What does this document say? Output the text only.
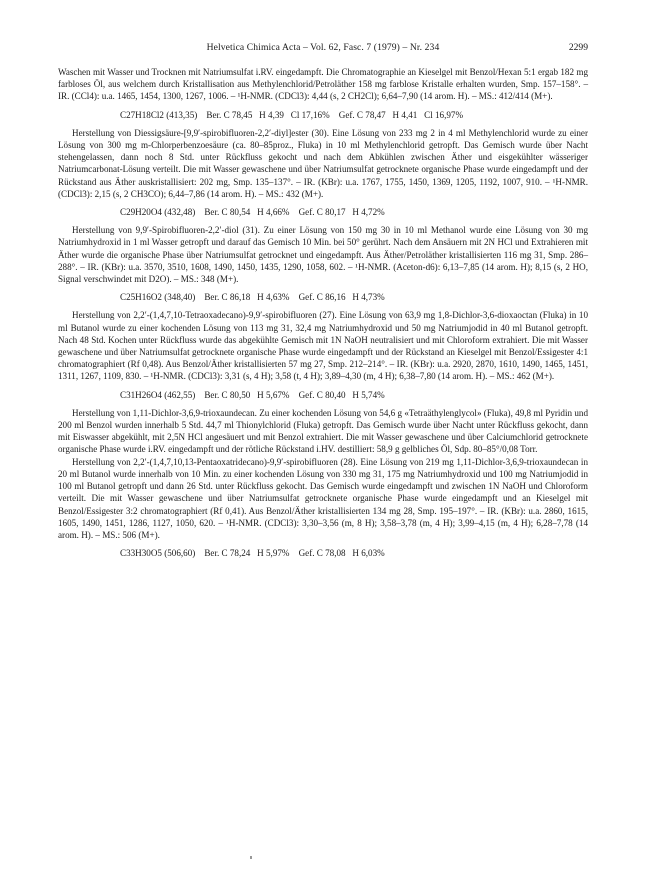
Helvetica Chimica Acta – Vol. 62, Fasc. 7 (1979) – Nr. 234	2299

Waschen mit Wasser und Trocknen mit Natriumsulfat i.RV. eingedampft. Die Chromatographie an Kieselgel mit Benzol/Hexan 5:1 ergab 182 mg farbloses Öl, aus welchem durch Kristallisation aus Methylenchlorid/Petroläther 158 mg farblose Kristalle erhalten wurden, Smp. 157–158°. – IR. (CCl4): u.a. 1465, 1454, 1300, 1267, 1006. – ¹H-NMR. (CDCl3): 4,44 (s, 2 CH2Cl); 6,64–7,90 (14 arom. H). – MS.: 412/414 (M+).

C27H18Cl2 (413,35)    Ber. C 78,45   H 4,39   Cl 17,16%    Gef. C 78,47   H 4,41   Cl 16,97%

Herstellung von Diessigsäure-[9,9′-spirobifluoren-2,2′-diyl]ester (30). Eine Lösung von 233 mg 2 in 4 ml Methylenchlorid wurde zu einer Lösung von 300 mg m-Chlorperbenzoesäure (ca. 80–85proz., Fluka) in 10 ml Methylenchlorid getropft. Das Gemisch wurde über Nacht stehengelassen, dann noch 8 Std. unter Rückfluss gekocht und nach dem Abkühlen zwischen Äther und eisgekühlter wässeriger Natriumcarbonat-Lösung verteilt. Die mit Wasser gewaschene und über Natriumsulfat getrocknete organische Phase wurde eingedampft und der Rückstand aus Äther auskristallisiert: 202 mg, Smp. 135–137°. – IR. (KBr): u.a. 1767, 1755, 1450, 1369, 1205, 1192, 1007, 910. – ¹H-NMR. (CDCl3): 2,15 (s, 2 CH3CO); 6,44–7,86 (14 arom. H). – MS.: 432 (M+).

C29H20O4 (432,48)    Ber. C 80,54   H 4,66%    Gef. C 80,17   H 4,72%

Herstellung von 9,9′-Spirobifluoren-2,2′-diol (31). Zu einer Lösung von 150 mg 30 in 10 ml Methanol wurde eine Lösung von 30 mg Natriumhydroxid in 1 ml Wasser getropft und darauf das Gemisch 10 Min. bei 50° gerührt. Nach dem Ansäuern mit 2N HCl und Extrahieren mit Äther wurde die organische Phase über Natriumsulfat getrocknet und eingedampft. Aus Äther/Petroläther kristallisierten 116 mg 31, Smp. 286–288°. – IR. (KBr): u.a. 3570, 3510, 1608, 1490, 1450, 1435, 1290, 1058, 602. – ¹H-NMR. (Aceton-d6): 6,13–7,85 (14 arom. H); 8,15 (s, 2 HO, Signal verschwindet mit D2O). – MS.: 348 (M+).

C25H16O2 (348,40)    Ber. C 86,18   H 4,63%    Gef. C 86,16   H 4,73%

Herstellung von 2,2′-(1,4,7,10-Tetraoxadecano)-9,9′-spirobifluoren (27). Eine Lösung von 63,9 mg 1,8-Dichlor-3,6-dioxaoctan (Fluka) in 10 ml Butanol wurde zu einer kochenden Lösung von 113 mg 31, 32,4 mg Natriumhydroxid und 50 mg Natriumjodid in 40 ml Butanol getropft. Nach 48 Std. Kochen unter Rückfluss wurde das abgekühlte Gemisch mit 1N NaOH neutralisiert und mit Chloroform extrahiert. Die mit Wasser gewaschene und über Natriumsulfat getrocknete organische Phase wurde eingedampft und der Rückstand an Kieselgel mit Benzol/Essigester 4:1 chromatographiert (Rf 0,48). Aus Benzol/Äther kristallisierten 57 mg 27, Smp. 212–214°. – IR. (KBr): u.a. 2920, 2870, 1610, 1490, 1465, 1451, 1311, 1267, 1109, 830. – ¹H-NMR. (CDCl3): 3,31 (s, 4 H); 3,58 (t, 4 H); 3,89–4,30 (m, 4 H); 6,38–7,80 (14 arom. H). – MS.: 462 (M+).

C31H26O4 (462,55)    Ber. C 80,50   H 5,67%    Gef. C 80,40   H 5,74%

Herstellung von 1,11-Dichlor-3,6,9-trioxaundecan. Zu einer kochenden Lösung von 54,6 g «Tetraäthylenglycol» (Fluka), 49,8 ml Pyridin und 200 ml Benzol wurden innerhalb 5 Std. 44,7 ml Thionylchlorid (Fluka) getropft. Das Gemisch wurde über Nacht unter Rückfluss gekocht, dann mit Eiswasser abgekühlt, mit 2,5N HCl angesäuert und mit Benzol extrahiert. Die mit Wasser gewaschene und über Calciumchlorid getrocknete organische Phase wurde i.RV. eingedampft und der rötliche Rückstand i.HV. destilliert: 58,9 g gelbliches Öl, Sdp. 80–85°/0,08 Torr.

Herstellung von 2,2′-(1,4,7,10,13-Pentaoxatridecano)-9,9′-spirobifluoren (28). Eine Lösung von 219 mg 1,11-Dichlor-3,6,9-trioxaundecan in 20 ml Butanol wurde innerhalb von 10 Min. zu einer kochenden Lösung von 330 mg 31, 175 mg Natriumhydroxid und 100 mg Natriumjodid in 100 ml Butanol getropft und dann 26 Std. unter Rückfluss gekocht. Das Gemisch wurde eingedampft und zwischen 1N NaOH und Chloroform verteilt. Die mit Wasser gewaschene und über Natriumsulfat getrocknete organische Phase wurde eingedampft und an Kieselgel mit Benzol/Essigester 3:2 chromatographiert (Rf 0,41). Aus Benzol/Äther kristallisierten 134 mg 28, Smp. 195–197°. – IR. (KBr): u.a. 2860, 1615, 1605, 1490, 1451, 1286, 1127, 1050, 620. – ¹H-NMR. (CDCl3): 3,30–3,56 (m, 8 H); 3,58–3,78 (m, 4 H); 3,99–4,15 (m, 4 H); 6,28–7,78 (14 arom. H). – MS.: 506 (M+).

C33H30O5 (506,60)    Ber. C 78,24   H 5,97%    Gef. C 78,08   H 6,03%
